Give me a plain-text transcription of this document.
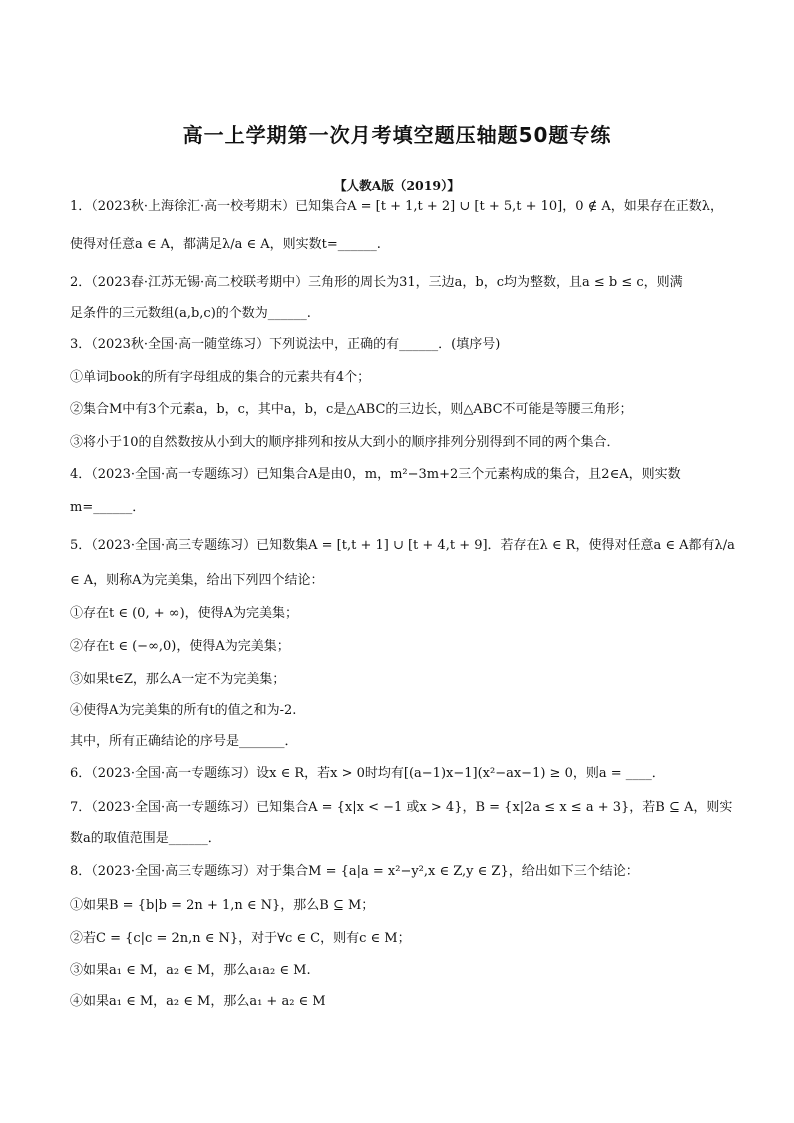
高一上学期第一次月考填空题压轴题50题专练
【人教A版（2019）】
1．（2023秋·上海徐汇·高一校考期末）已知集合A = [t + 1,t + 2] ∪ [t + 5,t + 10]，0 ∉ A，如果存在正数λ，
使得对任意a ∈ A，都满足λ/a ∈ A，则实数t=______.
2．（2023春·江苏无锡·高二校联考期中）三角形的周长为31，三边a，b，c均为整数，且a ≤ b ≤ c，则满
足条件的三元数组(a,b,c)的个数为______.
3．（2023秋·全国·高一随堂练习）下列说法中，正确的有______．(填序号)
①单词book的所有字母组成的集合的元素共有4个；
②集合M中有3个元素a，b，c，其中a，b，c是△ABC的三边长，则△ABC不可能是等腰三角形；
③将小于10的自然数按从小到大的顺序排列和按从大到小的顺序排列分别得到不同的两个集合．
4．（2023·全国·高一专题练习）已知集合A是由0，m，m²−3m+2三个元素构成的集合，且2∈A，则实数
m=______．
5．（2023·全国·高三专题练习）已知数集A = [t,t + 1] ∪ [t + 4,t + 9]．若存在λ ∈ R，使得对任意a ∈ A都有λ/a
∈ A，则称A为完美集，给出下列四个结论：
①存在t ∈ (0, + ∞)，使得A为完美集；
②存在t ∈ (−∞,0)，使得A为完美集；
③如果t∈Z，那么A一定不为完美集；
④使得A为完美集的所有t的值之和为-2.
其中，所有正确结论的序号是_______．
6．（2023·全国·高一专题练习）设x ∈ R，若x > 0时均有[(a−1)x−1](x²−ax−1) ≥ 0，则a = ____．
7．（2023·全国·高一专题练习）已知集合A = {x|x < −1 或x > 4}，B = {x|2a ≤ x ≤ a + 3}，若B ⊆ A，则实
数a的取值范围是______．
8．（2023·全国·高三专题练习）对于集合M = {a|a = x²−y²,x ∈ Z,y ∈ Z}，给出如下三个结论：
①如果B = {b|b = 2n + 1,n ∈ N}，那么B ⊆ M；
②若C = {c|c = 2n,n ∈ N}，对于∀c ∈ C，则有c ∈ M；
③如果a₁ ∈ M，a₂ ∈ M，那么a₁a₂ ∈ M.
④如果a₁ ∈ M，a₂ ∈ M，那么a₁ + a₂ ∈ M
